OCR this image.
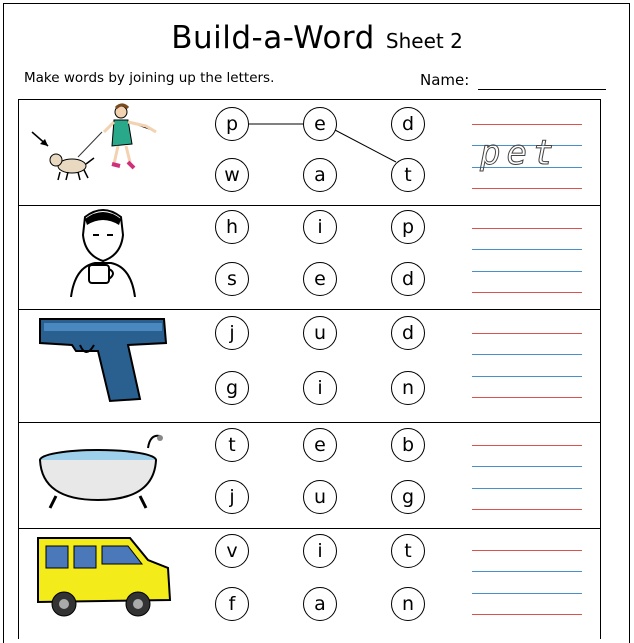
Build-a-Word Sheet 2
Make words by joining up the letters.	Name:
p	e	d
w	a	t
pet
h	i	p
s	e	d
j	u	d
g	i	n
t	e	b
j	u	g
v	i	t
f	a	n
